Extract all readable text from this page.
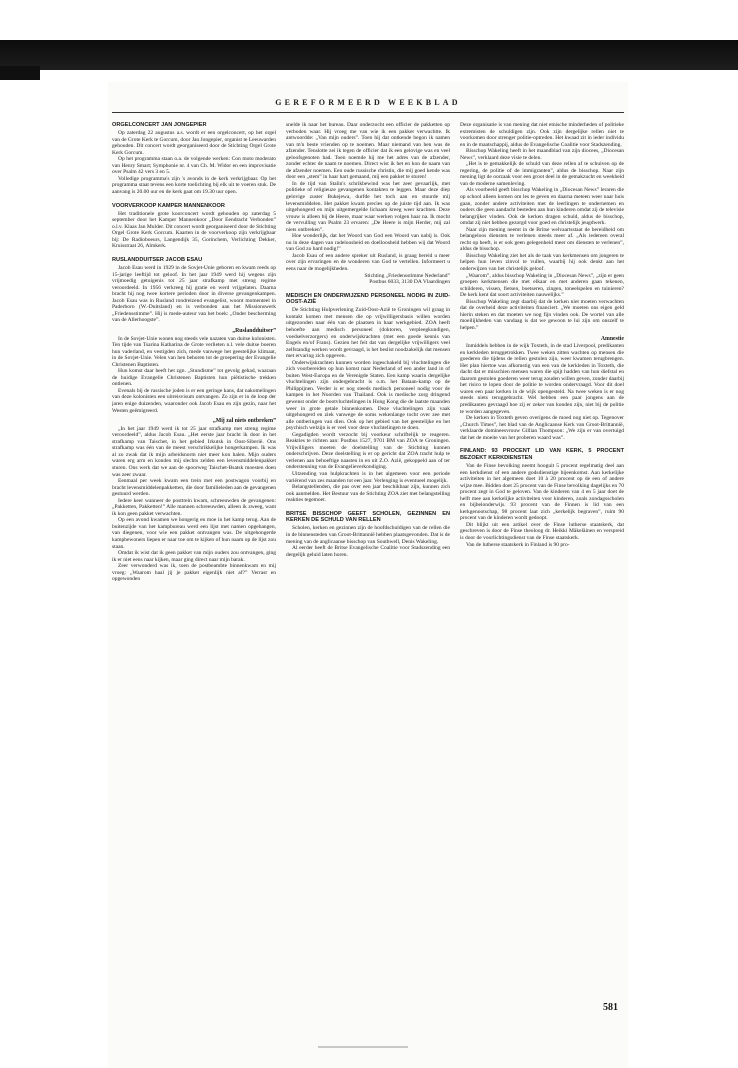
GEREFORMEERD WEEKBLAD
ORGELCONCERT JAN JONGEPIER

Op zaterdag 22 augustus a.s. wordt er een orgelconcert, op het orgel van de Grote Kerk te Gorcum, door Jan Jongepier, organist te Leeuwarden gehouden. Dit concert wordt georganiseerd door de Stichting Orgel Grote Kerk Gorcum.

Op het programma staan o.a. de volgende werken: Con moto moderato van Henry Smart; Symphonie nr. 4 van Ch. M. Widor en een improvisatie over Psalm 42 vers 3 en 5.

Volledige programma's zijn 's avonds in de kerk verkrijgbaar. Op het programma staat tevens een korte toelichting bij elk uit te voeren stuk. De aanvang is 20.00 uur en de kerk gaat om 19.30 uur open.

VOORVERKOOP KAMPER MANNENKOOR

Het traditionele grote koorconcert wordt gehouden op zaterdag 5 september door het Kamper Mannenkoor „Door Eendracht Verbonden” o.l.v. Klaas Jan Mulder. Dit concert wordt georganiseerd door de Stichting Orgel Grote Kerk Gorcum. Kaarten in de voorverkoop zijn verkrijgbaar bij: De Radioboeurs, Langendijk 35, Gorinchem, Verlichting Dekker, Kruisstraat 26, Almkerk.

RUSLANDDUITSER JACOB ESAU

Jacob Esau werd in 1929 in de Sovjet-Unie geboren en kwam reeds op 15-jarige leeftijd tot geloof. In het jaar 1949 werd hij wegens zijn vrijmoedig getuigenis tot 25 jaar strafkamp met streng regime veroordeeld. In 1956 verkreeg hij gratie en werd vrijgelaten. Daarna bracht hij nog twee kortere perioden door in diverse gevangenkampen. Jacob Esau was in Rusland rondreizend evangelist, woont momenteel in Paderborn (W.-Duitsland) en is verbonden aan het Missionswerk „Friedensstimme”. Hij is mede-auteur van het boek: „Onder bescherming van de Allerhoogste”.

„Ruslandduitser”

In de Sovjet-Unie wonen nog steeds vele nazaten van duitse kolonisten. Ten tijde van Tsarina Katharina de Grote verlieten n.l. vele duitse boeren hun vaderland, en vestigden zich, mede vanwege het geestelijke klimaat, in de Sovjet-Unie. Velen van hen behoren tot de groepering der Evangelie Christenen Baptisten.

Hun komst daar heeft het zgn. „Stundisme” tot gevolg gehad, waaraan de huidige Evangelie Christenen Baptisten hun piëtistische trekken ontlenen.

Evenals bij de russische joden is er een geringe kans, dat nakomelingen van deze kolonisten een uitreisvisum ontvangen. Zo zijn er in de loop der jaren enige duizenden, waaronder ook Jacob Esau en zijn gezin, naar het Westen geëmigreerd.

„Mij zal niets ontbreken”

„In het jaar 1949 werd ik tot 25 jaar strafkamp met streng regime veroordeeld”, aldus Jacob Esau. „Het eerste jaar bracht ik door in het strafkamp van Taischet, in het gebied Irkutsk in Oost-Siberië. Ons strafkamp was één van de meest verschrikkelijke hongerkampen. Ik was al zo zwak dat ik mijn arbeidsnorm niet meer kon halen. Mijn ouders waren erg arm en konden mij slechts zelden een levensmiddelenpakket sturen. Ons werk dat we aan de spoorweg Taischet-Bsatsk moesten doen was zeer zwaar.

Eenmaal per week kwam een trein met een postwagon voorbij en bracht levensmiddelenpakketten, die door familieleden aan de gevangenen gestuurd werden.

Iedere keer wanneer de posttrein kwam, schreeuwden de gevangenen: „Pakketten, Pakketten!” Alle mannen schreeuwden, alleen ik zweeg, want ik kon geen pakket verwachten.

Op een avond kwamen we hongerig en moe in het kamp terug. Aan de buitenzijde van het kampbureau werd een lijst met namen opgehangen, van diegenen, voor wie een pakket ontvangen was. De uitgehongerde kampbewoners liepen er naar toe om te kijken of hun naam op de lijst zou staan.

Omdat ik wist dat ik geen pakket van mijn ouders zou ontvangen, ging ik er niet eens naar kijken, maar ging direct naar mijn barak.

Zeer verwonderd was ik, toen de postbeambte binnenkwam en mij vroeg: „Waarom haal jij je pakket eigenlijk niet af?” Verrast en opgewonden

snelde ik naar het bureau. Daar onderzocht een officier de pakketten op verboden waar. Hij vroeg me van wie ik een pakket verwachtte. Ik antwoordde: „Van mijn ouders”. Toen hij dat ontkende begon ik namen van m'n beste vrienden op te noemen. Maar niemand van hen was de afzender. Tenslotte zei ik tegen de officier dat ik een gelovige was en veel geloofsgenoten had. Toen noemde hij me het adres van de afzender, zonder echter de naam te noemen. Direct wist ik het en kon de naam van de afzender noemen. Een oude russische christin, die mij goed kende was door een „stem” in haar hart gemaand, mij een pakket te sturen!

In de tijd van Stalin's schrikbewind was het zeer gevaarlijk, met politieke of religieuze gevangenen kontakten te leggen. Maar deze diep gelovige zuster Bukejewa, durfde het toch aan en stuurde mij levensmiddelen. Het pakket kwam precies op de juiste tijd aan. Ik was uitgehongerd en mijn uitgemergelde lichaam kreeg weer krachten. Deze vrouw is alleen bij de Heere, maar waar werken volgen haar na. Ik mocht de vervulling van Psalm 23 ervaren: „De Heere is mijn Herder, mij zal niets ontbreken”.

Hoe wonderlijk, dat het Woord van God een Woord van nabij is. Ook nu in deze dagen van radeloosheid en doelloosheid hebben wij dat Woord van God zo hard nodig!”

Jacob Esau of een andere spreker uit Rusland, is graag bereid u meer over zijn ervaringen en de wonderen van God te vertellen. Informeert u eens naar de mogelijkheden.

Stichting „Friedensstimme Nederland”

Postbus 6033, 3130 DA Vlaardingen

MEDISCH EN ONDERWIJZEND PERSONEEL NODIG IN ZUID-OOST-AZIË

De Stichting Hulpverlening Zuid-Oost-Azië te Groningen wil graag in kontakt komen met mensen die op vrijwilligersbasis willen worden uitgezonden naar één van de plaatsen in haar werkgebied. ZOA heeft behoefte aan medisch personeel (doktoren, verpleegkundigen, voedselverzorgers) en onderwijskrachten (met een goede kennis van Engels en/of Frans). Gezien het feit dat van dergelijke vrijwilligers veel zelfstandig werken wordt gevraagd, is het beslist noodzakelijk dat mensen met ervaring zich opgeven.

Onderwijskrachten kunnen worden ingeschakeld bij vluchtelingen die zich voorbereiden op hun komst naar Nederland of een ander land in of buiten West-Europa en de Verenigde Staten. Een kamp waarin dergelijke vluchtelingen zijn ondergebracht is o.m. het Bataan-kamp op de Philippijnen. Verder is er nog steeds medisch personeel nodig voor de kampen in het Noorden van Thailand. Ook is medische zorg dringend gewenst onder de bootvluchtelingen in Hong Kong die de laatste maanden weer in grote getale binnenkomen. Deze vluchtelingen zijn vaak uitgehongerd en ziek vanwege de soms wekenlange tocht over zee met alle ontberingen van dien. Ook op het gebied van het geestelijke en het psychisch welzijn is er veel voor deze vluchtelingen te doen.

Gegadigden wordt verzocht bij voorkeur schriftelijk te reageren. Reakties te richten aan: Postbus 1527, 9701 BM van ZOA te Groningen. Vrijwilligers moeten de doelstelling van de Stichting kunnen onderschrijven. Deze doelstelling is er op gericht dat ZOA tracht hulp te verlenen aan behoeftige naasten in en uit Z.O. Azië, gekoppeld aan of ter ondersteuning van de Evangelieverkondiging.

Uitzending van hulpkrachten is in het algemeen voor een periode variërend van zes maanden tot een jaar. Verlenging is eventueel mogelijk.

Belangstellenden, die pas over een jaar beschikbaar zijn, kunnen zich ook aanmelden. Het Bestuur van de Stichting ZOA ziet met belangstelling reakties tegemoet.

BRITSE BISSCHOP GEEFT SCHOLEN, GEZINNEN EN KERKEN DE SCHULD VAN RELLEN

Scholen, kerken en gezinnen zijn de hoofdschuldigen van de rellen die in de binnensteden van Groot-Brittannië hebben plaatsgevonden. Dat is de mening van de anglicaanse bisschop van Southwell, Denis Wakeling.

Al eerder heeft de Britse Evangelische Coalitie voor Stadszending een dergelijk geluid laten horen.

Deze organisatie is van mening dat niet etnische minderheden of politieke extremisten de schuldigen zijn. Ook zijn dergelijke rellen niet te voorkomen door strenger politie-optreden. Het kwaad zit in ieder individu en in de maatschappij, aldus de Evangelische Coalitie voor Stadszending.

Bisschop Wakeling heeft in het maandblad van zijn diocees, „Diocesan News”, verklaard deze visie te delen.

„Het is te gemakkelijk de schuld van deze rellen af te schuiven op de regering, de politie of de immigranten”, aldus de bisschop. Naar zijn mening ligt de oorzaak voor een groot deel in de gemakzucht en weekheid van de moderne samenleving.

Als voorbeeld geeft bisschop Wakeling in „Diocesan News” leraren die op school alleen komen om les te geven en daarna meteen weer naar huis gaan, zonder andere activiteiten met de leerlingen te ondernemen en ouders die geen aandacht besteden aan hun kinderen omdat zij de televisie belangrijker vinden. Ook de kerken dragen schuld, aldus de bisschop, omdat zij niet hebben gezorgd voor goed en christelijk jeugdwerk.

Naar zijn mening neemt in de Britse welvaartsstaat de bereidheid om belangeloos diensten te verlenen steeds meer af. „Als iedereen overal recht op heeft, is er ook geen gelegenheid meer om diensten te verlenen”, aldus de bisschop.

Bisschop Wakeling ziet het als de taak van kerkmensen om jongeren te helpen hun leven zinvol te vullen, waarbij hij ook denkt aan het onderwijzen van het christelijk geloof.

„Waarom”, aldus bisschop Wakeling in „Diocesan News”, „zijn er geen groepen kerkmensen die met elkaar en met anderen gaan tekenen, schilderen, vissen, fietsen, boetseren, zingen, toneelspelen en tuinieren? De kerk kent dat soort activiteiten nauwelijks.”

Bisschop Wakeling zegt daarbij dat de kerken niet moeten verwachten dat de overheid deze activiteiten financiert. „We moeten ons eigen geld hierin steken en dat moeten we nog fijn vinden ook. De wortel van alle moeilijkheden van vandaag is dat we gewoon te lui zijn om onszelf te helpen.”

Amnestie

Inmiddels hebben in de wijk Toxteth, in de stad Liverpool, predikanten en kerkleden teruggetrokken. Twee weken zitten wachten op mensen die goederen die tijdens de rellen gestolen zijn, weer kwamen terugbrengen. Het plan hiertoe was afkomstig van een van de kerkleden in Toxteth, die dacht dat er misschien mensen waren die spijt hadden van hun diefstal en daarom gestolen goederen weer terug zouden willen geven, zonder daarbij het risico te lopen door de politie te worden ondervraagd. Voor dit doel waren een paar kerken in de wijk opengesteld. Na twee weken is er nog steeds niets teruggebracht. Wel hebben een paar jongens aan de predikanten gevraagd hoe zij er zeker van konden zijn, niet bij de politie te worden aangegeven.

De kerken in Toxteth geven overigens de moed nog niet op. Tegenover „Church Times”, het blad van de Anglicaanse Kerk van Groot-Brittannië, verklaarde domineesvrouw Gillian Thompson: „We zijn er van overtuigd dat het de moeite van het proberen waard was”.

FINLAND: 93 PROCENT LID VAN KERK, 5 PROCENT BEZOEKT KERKDIENSTEN

Van de Finse bevolking neemt hooguit 5 procent regelmatig deel aan een kerkdienst of een andere godsdienstige bijeenkomst. Aan kerkelijke activiteiten in het algemeen doet 10 à 20 procent op de een of andere wijze mee. Bidden doet 25 procent van de Finse bevolking dagelijks en 70 procent zegt in God te geloven. Van de kinderen van 4 en 5 jaar doet de helft mee aan kerkelijke activiteiten voor kinderen, zoals zondagsscholen en bijbelonderwijs. 93 procent van de Finnen is lid van een kerkgenootschap, 98 procent laat zich „kerkelijk begraven”, ruim 90 procent van de kinderen wordt gedoopt.

Dit blijkt uit een artikel over de Finse lutherse staatskerk, dat geschreven is door de Finse theoloog dr. Heikki Mäkeläinen en verspreid is door de voorlichtingsdienst van de Finse staatskerk.

Van de lutherse staatskerk in Finland is 90 pro-

581
